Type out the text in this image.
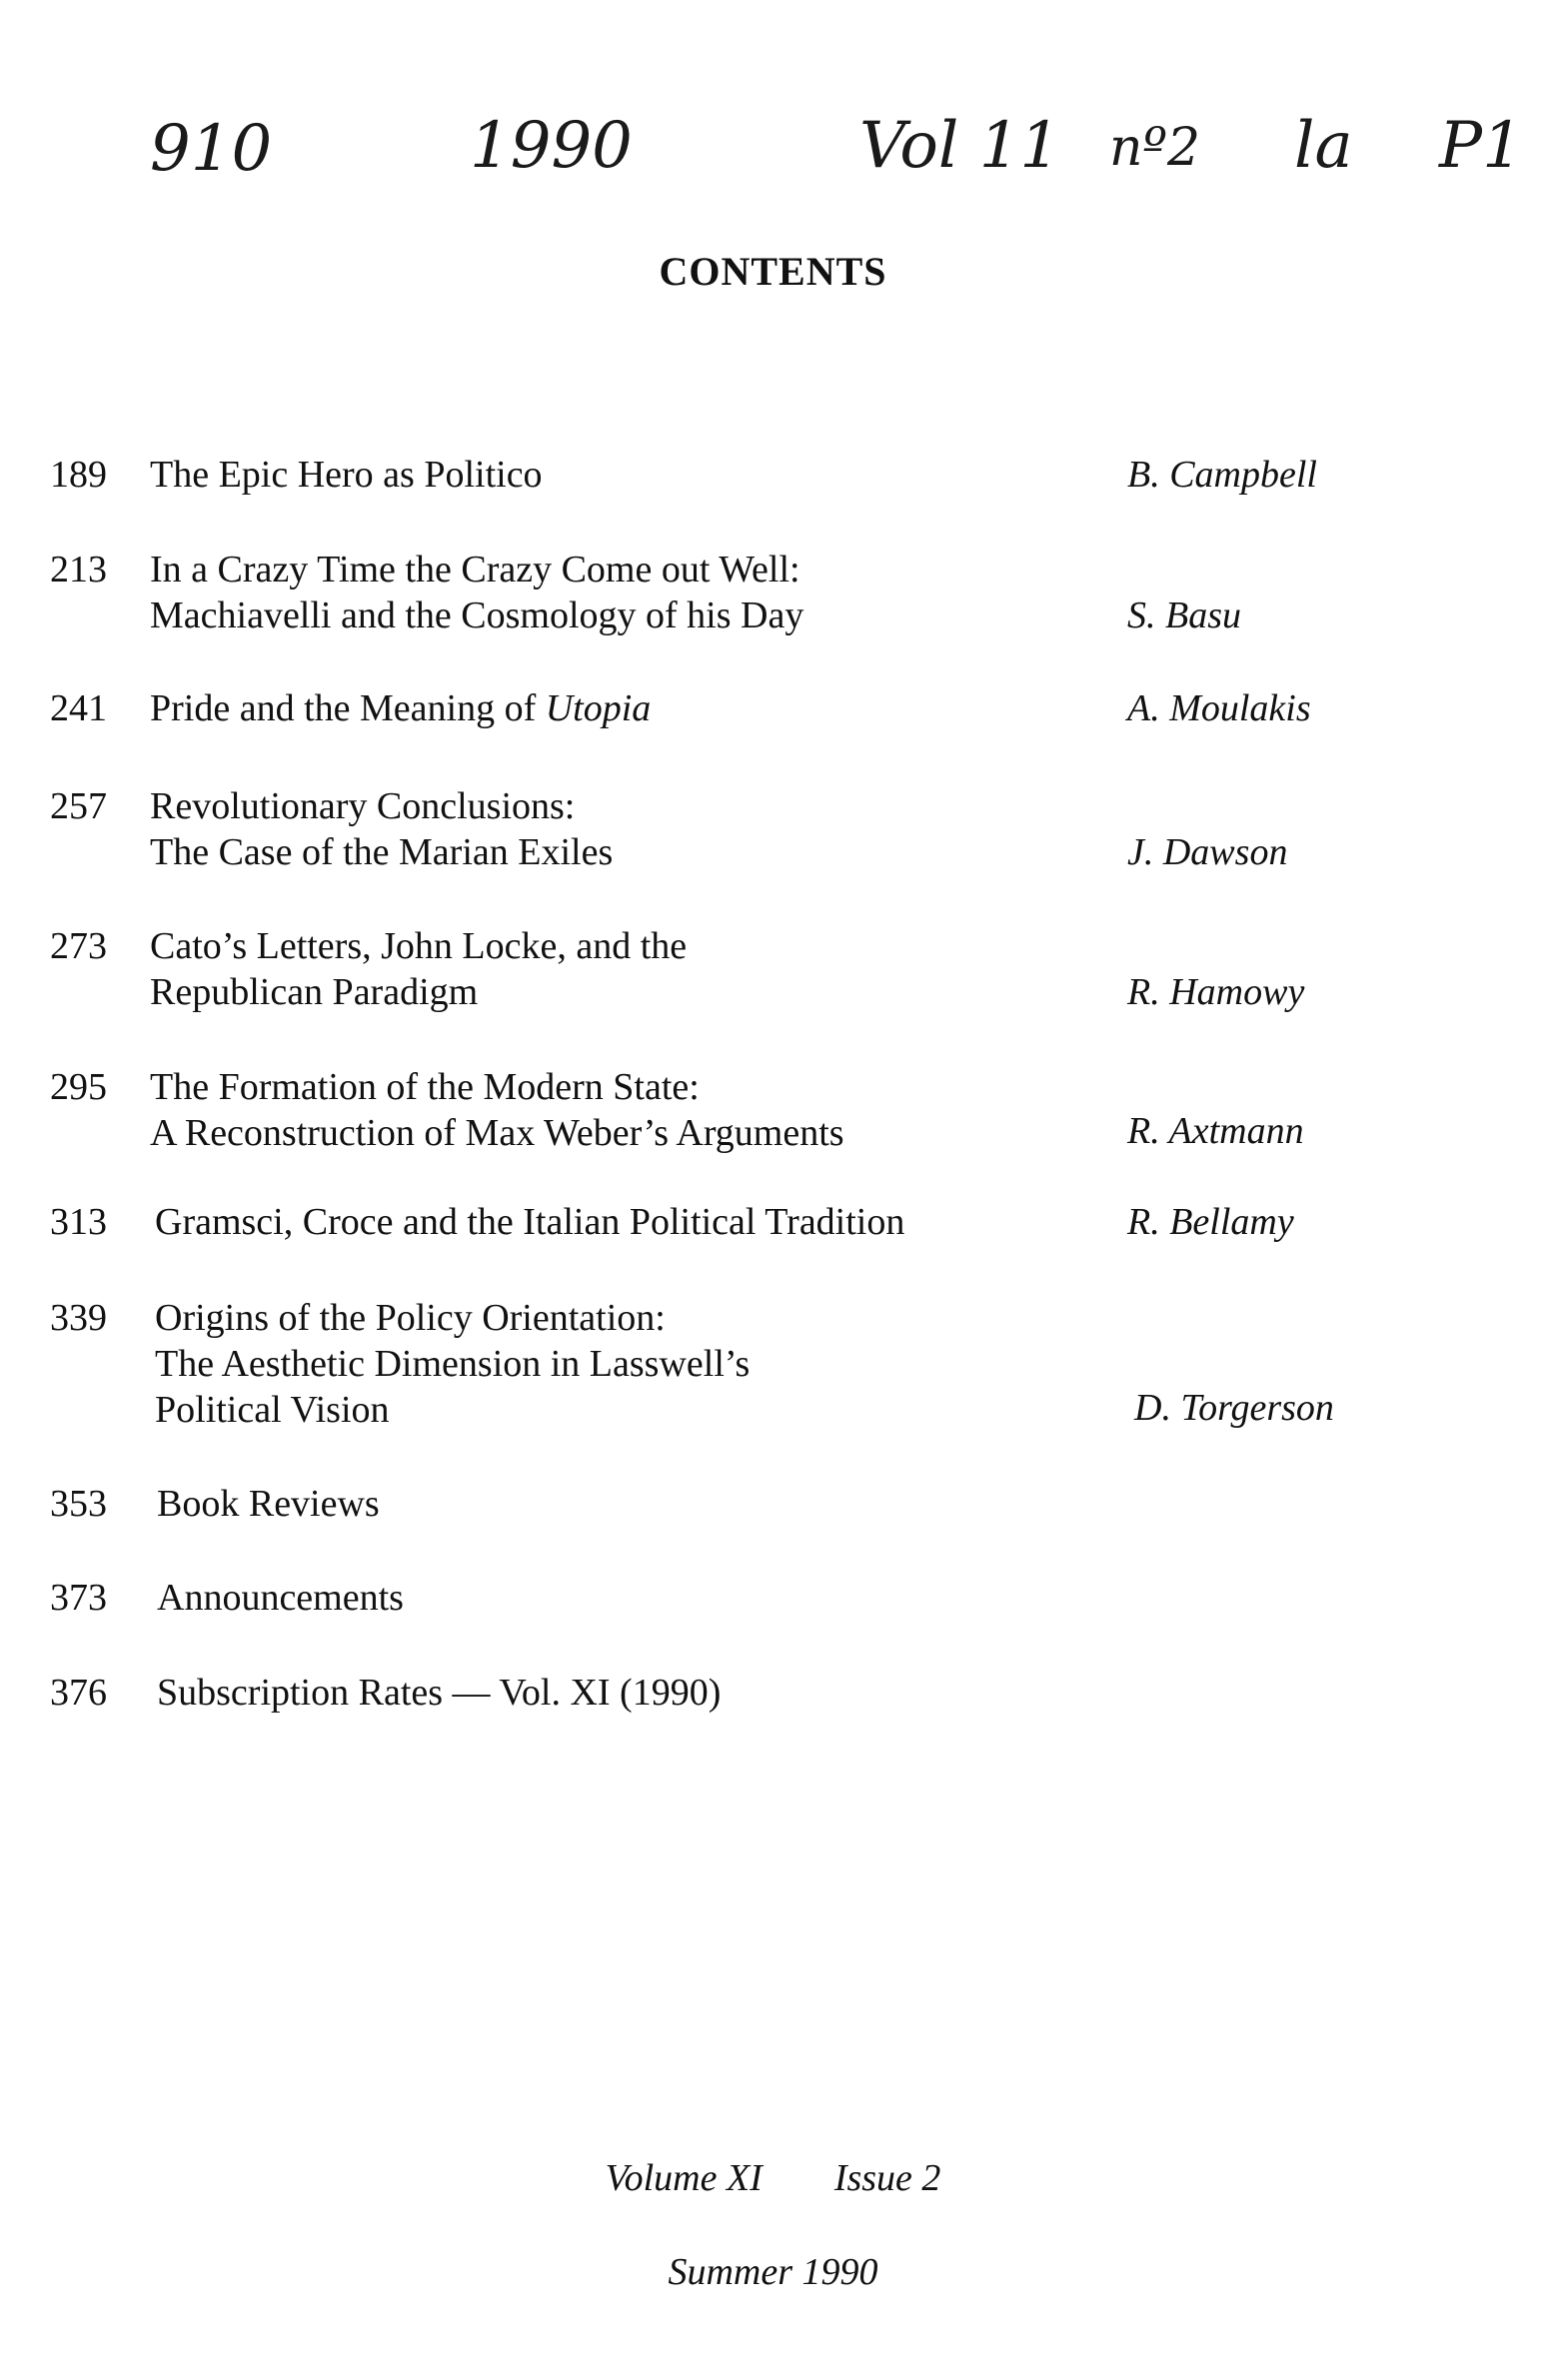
910	1990	Vol 11 nº2 la P1
CONTENTS
189 The Epic Hero as Politico	B. Campbell
213 In a Crazy Time the Crazy Come out Well:
Machiavelli and the Cosmology of his Day	S. Basu
241 Pride and the Meaning of Utopia	A. Moulakis
257 Revolutionary Conclusions:
The Case of the Marian Exiles	J. Dawson
273 Cato’s Letters, John Locke, and the
Republican Paradigm	R. Hamowy
295 The Formation of the Modern State:
A Reconstruction of Max Weber’s Arguments	R. Axtmann
313 Gramsci, Croce and the Italian Political Tradition	R. Bellamy
339 Origins of the Policy Orientation:
The Aesthetic Dimension in Lasswell’s
Political Vision	D. Torgerson
353 Book Reviews
373 Announcements
376 Subscription Rates — Vol. XI (1990)
Volume XI Issue 2
Summer 1990
